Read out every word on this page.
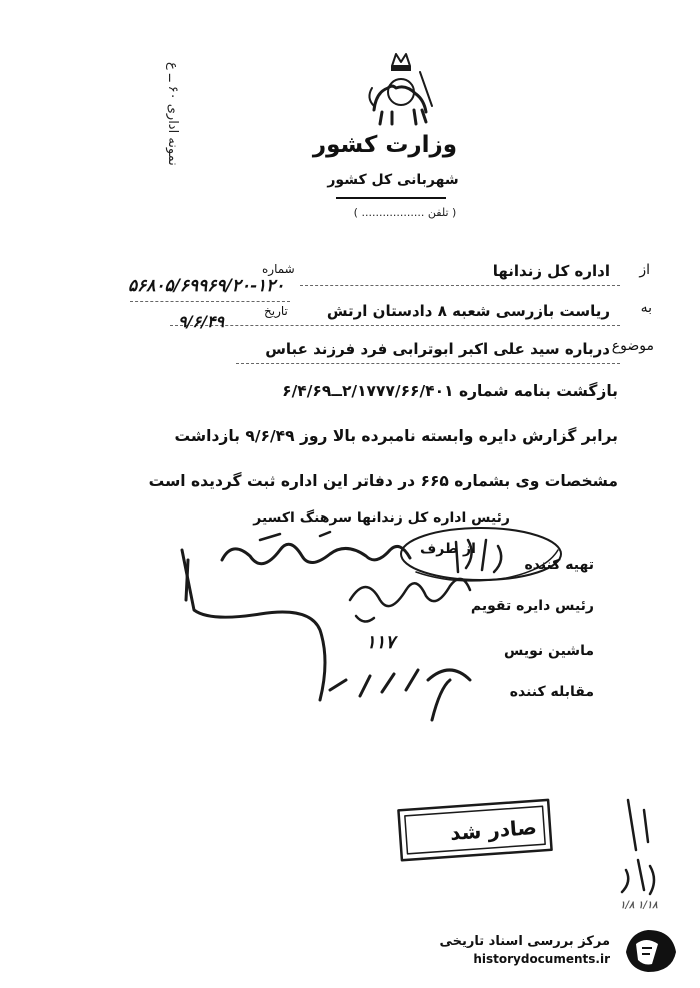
نمونه اداری ۶۰ ــ ع	وزارت کشور
شهربانی کل کشور
( تلفن .................. )
از
به
موضوع
اداره کل زندانها
شماره
۵۶۸۰۵/۶۹۹۶۹/۲۰-۱۲۰
ریاست بازرسی شعبه ۸ دادستان ارتش
تاریخ
۹/۶/۴۹
درباره سید علی اکبر ابوترابی فرد فرزند عباس
بازگشت بنامه شماره ۲/۱۷۷۷/۶۶/۴۰۱ــ۶/۴/۶۹
برابر گزارش دایره وابسته نامبرده بالا روز ۹/۶/۴۹ بازداشت
مشخصات وی بشماره ۶۶۵ در دفاتر این اداره ثبت گردیده است
رئیس اداره کل زندانها سرهنگ اکسیر
از طرف
تهیه کننده
رئیس دایره تقویم
ماشین نویس
مقابله کننده
۱۱۷
صادر شد
۱/۸ ۱/۱۸
مرکز بررسی اسناد تاریخی
historydocuments.ir
